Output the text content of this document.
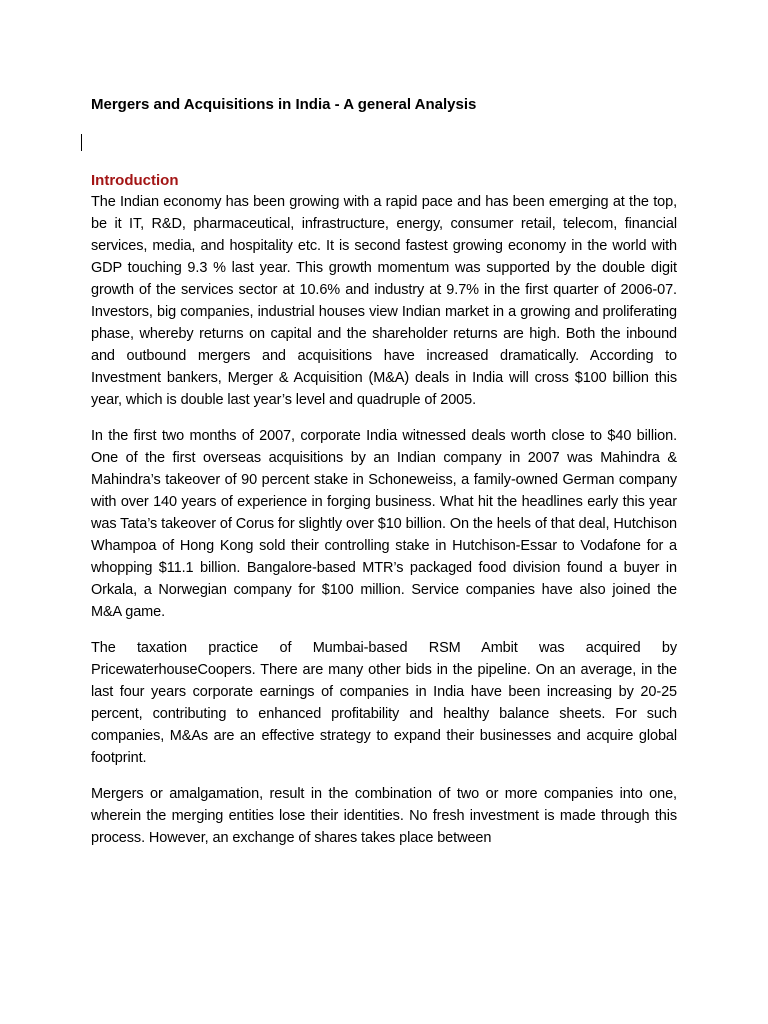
Mergers and Acquisitions in India - A general Analysis
Introduction

The Indian economy has been growing with a rapid pace and has been emerging at the top, be it IT, R&D, pharmaceutical, infrastructure, energy, consumer retail, telecom, financial services, media, and hospitality etc. It is second fastest growing economy in the world with GDP touching 9.3 % last year. This growth momentum was supported by the double digit growth of the services sector at 10.6% and industry at 9.7% in the first quarter of 2006-07. Investors, big companies, industrial houses view Indian market in a growing and proliferating phase, whereby returns on capital and the shareholder returns are high. Both the inbound and outbound mergers and acquisitions have increased dramatically. According to Investment bankers, Merger & Acquisition (M&A) deals in India will cross $100 billion this year, which is double last year’s level and quadruple of 2005.

In the first two months of 2007, corporate India witnessed deals worth close to $40 billion. One of the first overseas acquisitions by an Indian company in 2007 was Mahindra & Mahindra’s takeover of 90 percent stake in Schoneweiss, a family-owned German company with over 140 years of experience in forging business. What hit the headlines early this year was Tata’s takeover of Corus for slightly over $10 billion. On the heels of that deal, Hutchison Whampoa of Hong Kong sold their controlling stake in Hutchison-Essar to Vodafone for a whopping $11.1 billion. Bangalore-based MTR’s packaged food division found a buyer in Orkala, a Norwegian company for $100 million. Service companies have also joined the M&A game.

The taxation practice of Mumbai-based RSM Ambit was acquired by PricewaterhouseCoopers. There are many other bids in the pipeline. On an average, in the last four years corporate earnings of companies in India have been increasing by 20-25 percent, contributing to enhanced profitability and healthy balance sheets. For such companies, M&As are an effective strategy to expand their businesses and acquire global footprint.

Mergers or amalgamation, result in the combination of two or more companies into one, wherein the merging entities lose their identities. No fresh investment is made through this process. However, an exchange of shares takes place between
